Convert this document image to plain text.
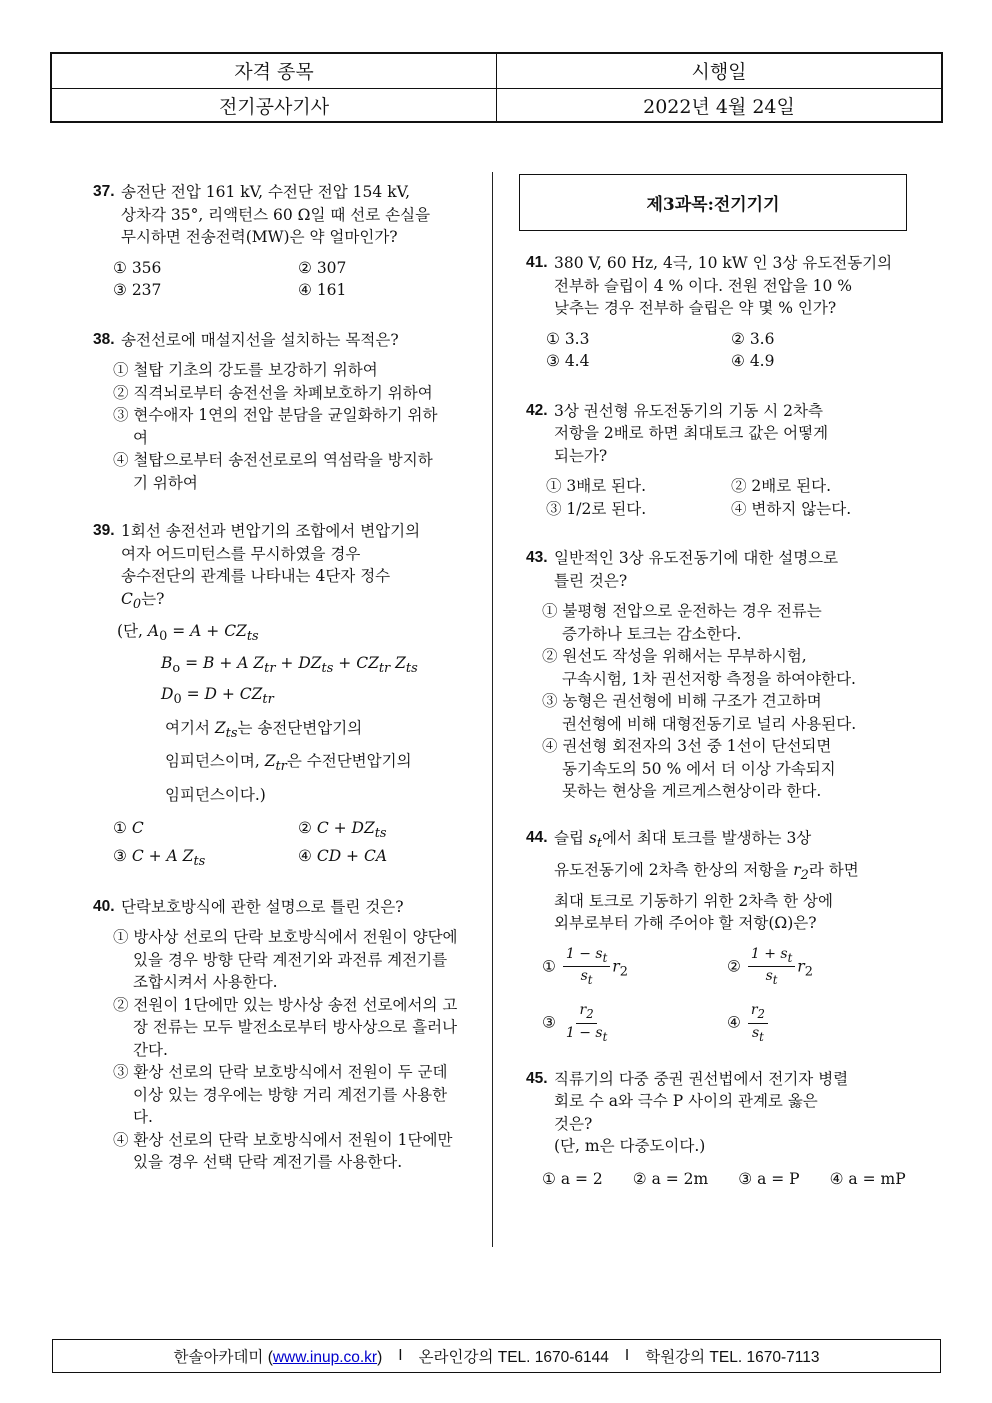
자격 종목	시행일
전기공사기사	2022년 4월 24일
37. 송전단 전압 161 kV, 수전단 전압 154 kV,
상차각 35°, 리액턴스 60 Ω일 때 선로 손실을
무시하면 전송전력(MW)은 약 얼마인가?
① 356	② 307
③ 237	④ 161
38. 송전선로에 매설지선을 설치하는 목적은?
① 철탑 기초의 강도를 보강하기 위하여
② 직격뇌로부터 송전선을 차폐보호하기 위하여
③ 현수애자 1연의 전압 분담을 균일화하기 위하여
④ 철탑으로부터 송전선로로의 역섬락을 방지하기 위하여
39. 1회선 송전선과 변압기의 조합에서 변압기의
여자 어드미턴스를 무시하였을 경우
송수전단의 관계를 나타내는 4단자 정수
$C_0$는?
(단, $A_0 = A + CZ_{ts}$
$B_o = B + A$ $Z_{tr} + DZ_{ts} + CZ_{tr}$ $Z_{ts}$
$D_0 = D + CZ_{tr}$
여기서 $Z_{ts}$는 송전단변압기의
임피던스이며, $Z_{tr}$은 수전단변압기의
임피던스이다.)
① C	② $C + DZ_{ts}$
③ C + A $Z_{ts}$	④ CD + CA
40. 단락보호방식에 관한 설명으로 틀린 것은?
① 방사상 선로의 단락 보호방식에서 전원이 양단에 있을 경우 방향 단락 계전기와 과전류 계전기를 조합시켜서 사용한다.
② 전원이 1단에만 있는 방사상 송전 선로에서의 고장 전류는 모두 발전소로부터 방사상으로 흘러나간다.
③ 환상 선로의 단락 보호방식에서 전원이 두 군데 이상 있는 경우에는 방향 거리 계전기를 사용한다.
④ 환상 선로의 단락 보호방식에서 전원이 1단에만 있을 경우 선택 단락 계전기를 사용한다.
제3과목:전기기기
41. 380 V, 60 Hz, 4극, 10 kW 인 3상 유도전동기의
전부하 슬립이 4 % 이다. 전원 전압을 10 %
낮추는 경우 전부하 슬립은 약 몇 % 인가?
① 3.3	② 3.6
③ 4.4	④ 4.9
42. 3상 권선형 유도전동기의 기동 시 2차측
저항을 2배로 하면 최대토크 값은 어떻게
되는가?
① 3배로 된다.	② 2배로 된다.
③ 1/2로 된다.	④ 변하지 않는다.
43. 일반적인 3상 유도전동기에 대한 설명으로
틀린 것은?
① 불평형 전압으로 운전하는 경우 전류는
증가하나 토크는 감소한다.
② 원선도 작성을 위해서는 무부하시험,
구속시험, 1차 권선저항 측정을 하여야한다.
③ 농형은 권선형에 비해 구조가 견고하며
권선형에 비해 대형전동기로 널리 사용된다.
④ 권선형 회전자의 3선 중 1선이 단선되면
동기속도의 50 % 에서 더 이상 가속되지
못하는 현상을 게르게스현상이라 한다.
44. 슬립 $s_t$에서 최대 토크를 발생하는 3상
유도전동기에 2차측 한상의 저항을 $r_2$라 하면
최대 토크로 기동하기 위한 2차측 한 상에
외부로부터 가해 주어야 할 저항(Ω)은?
① $\frac{1 - s_t}{s_t} r_2$	② $\frac{1 + s_t}{s_t} r_2$
③ $\frac{r_2}{1 - s_t}$	④ $\frac{r_2}{s_t}$
45. 직류기의 다중 중권 권선법에서 전기자 병렬
회로 수 a와 극수 P 사이의 관계로 옳은
것은?
(단, m은 다중도이다.)
① a = 2 ② a = 2m ③ a = P ④ a = mP
한솔아카데미 (www.inup.co.kr) I 온라인강의 TEL. 1670-6144 I 학원강의 TEL. 1670-7113
